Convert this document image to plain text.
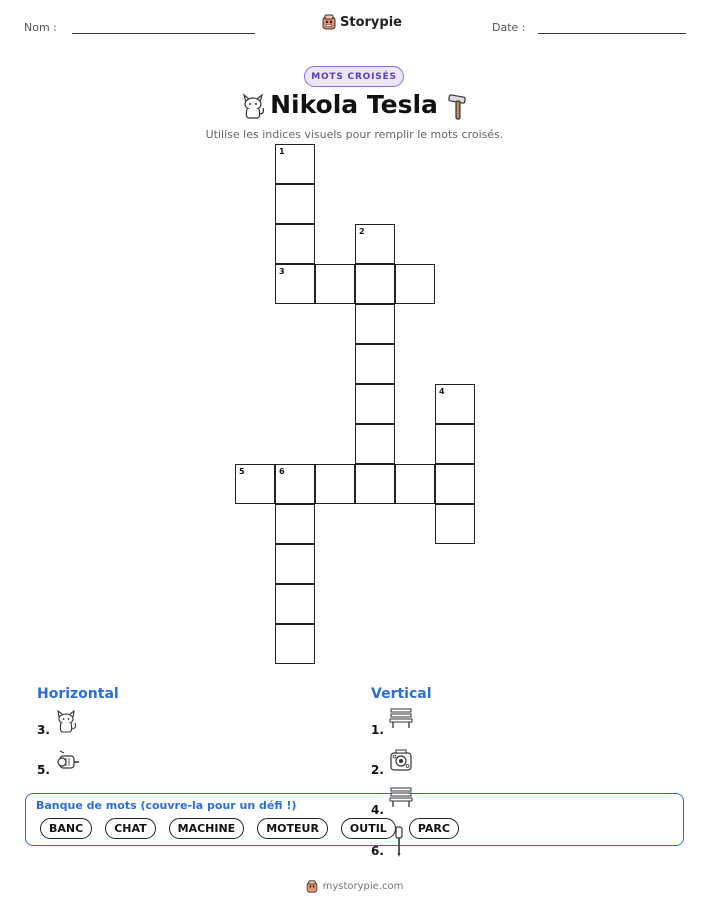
Nom :	Storypie	Date :
MOTS CROISÉS
Nikola Tesla
Utilise les indices visuels pour remplir le mots croisés.
1
3
2
4
5	6
Horizontal
3.
5.
Vertical
1.
2.
Banque de mots (couvre-la pour un défi !)
BANC	CHAT	MACHINE	MOTEUR	OUTIL	PARC
4.
6.
mystorypie.com
